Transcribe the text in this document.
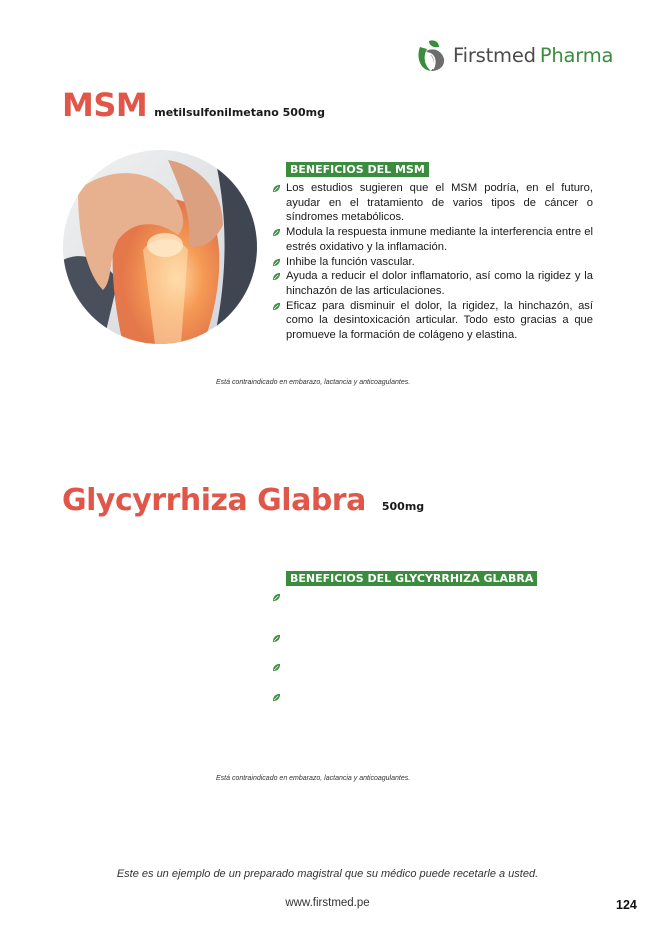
Firstmed Pharma
MSM metilsulfonilmetano 500mg
BENEFICIOS DEL MSM
Los estudios sugieren que el MSM podría, en el futuro, ayudar en el tratamiento de varios tipos de cáncer o síndromes metabólicos.
Modula la respuesta inmune mediante la interferencia entre el estrés oxidativo y la inflamación.
Inhibe la función vascular.
Ayuda a reducir el dolor inflamatorio, así como la rigidez y la hinchazón de las articulaciones.
Eficaz para disminuir el dolor, la rigidez, la hinchazón, así como la desintoxicación articular. Todo esto gracias a que promueve la formación de colágeno y elastina.
Está contraindicado en embarazo, lactancia y anticoagulantes.
Glycyrrhiza Glabra 500mg
BENEFICIOS DEL GLYCYRRHIZA GLABRA
Está contraindicado en embarazo, lactancia y anticoagulantes.
Este es un ejemplo de un preparado magistral que su médico puede recetarle a usted.
www.firstmed.pe	124
